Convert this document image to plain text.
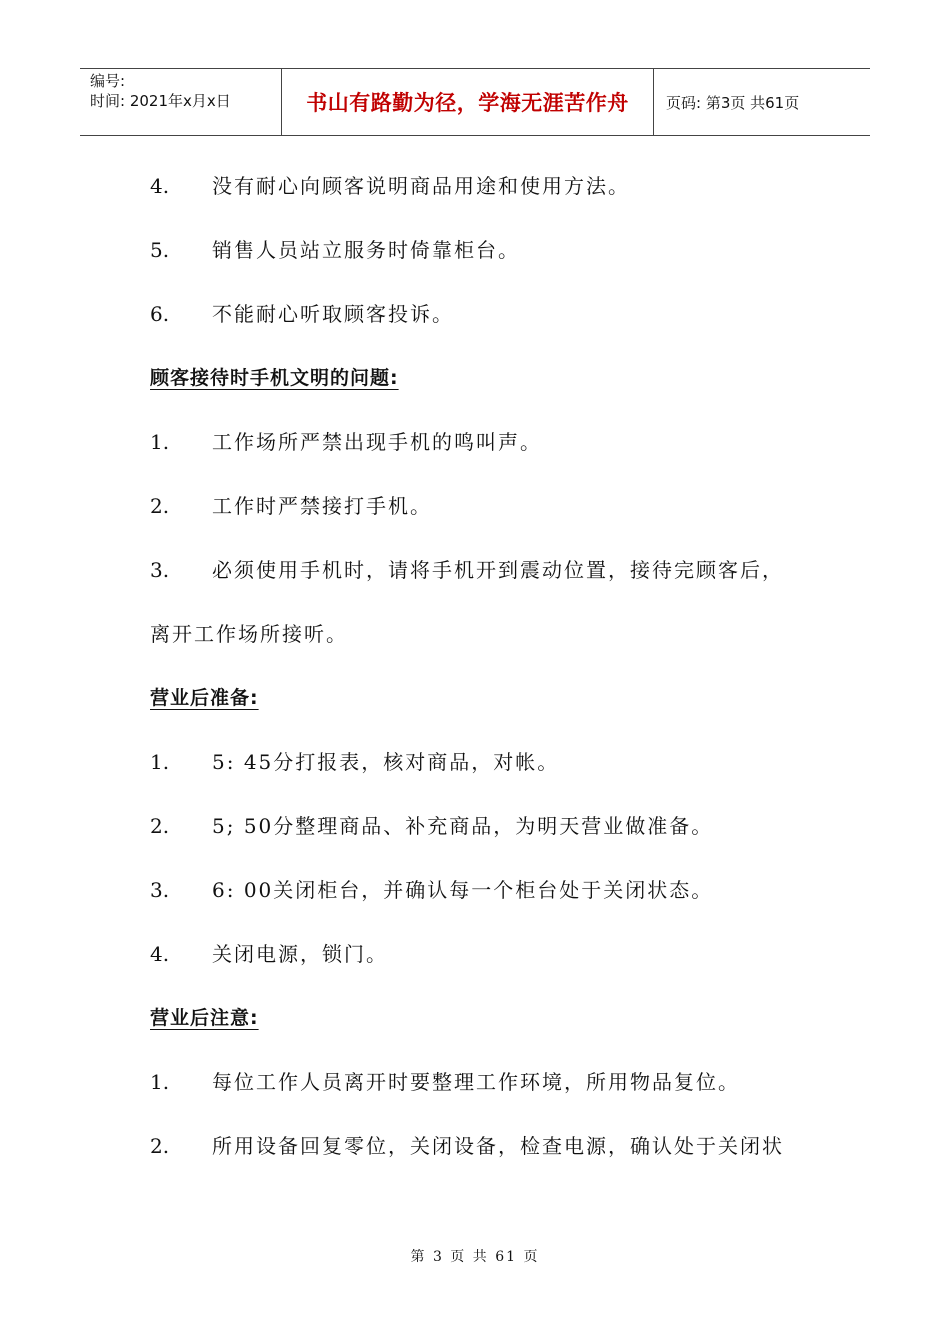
编号:
时间: 2021年x月x日	书山有路勤为径，学海无涯苦作舟	页码: 第3页 共61页
4. 没有耐心向顾客说明商品用途和使用方法。
5. 销售人员站立服务时倚靠柜台。
6. 不能耐心听取顾客投诉。
顾客接待时手机文明的问题:
1. 工作场所严禁出现手机的鸣叫声。
2. 工作时严禁接打手机。
3. 必须使用手机时，请将手机开到震动位置，接待完顾客后，
离开工作场所接听。
营业后准备:
1. 5: 45分打报表，核对商品，对帐。
2. 5; 50分整理商品、补充商品，为明天营业做准备。
3. 6: 00关闭柜台，并确认每一个柜台处于关闭状态。
4. 关闭电源，锁门。
营业后注意:
1. 每位工作人员离开时要整理工作环境，所用物品复位。
2. 所用设备回复零位，关闭设备，检查电源，确认处于关闭状
第 3 页 共 61 页
